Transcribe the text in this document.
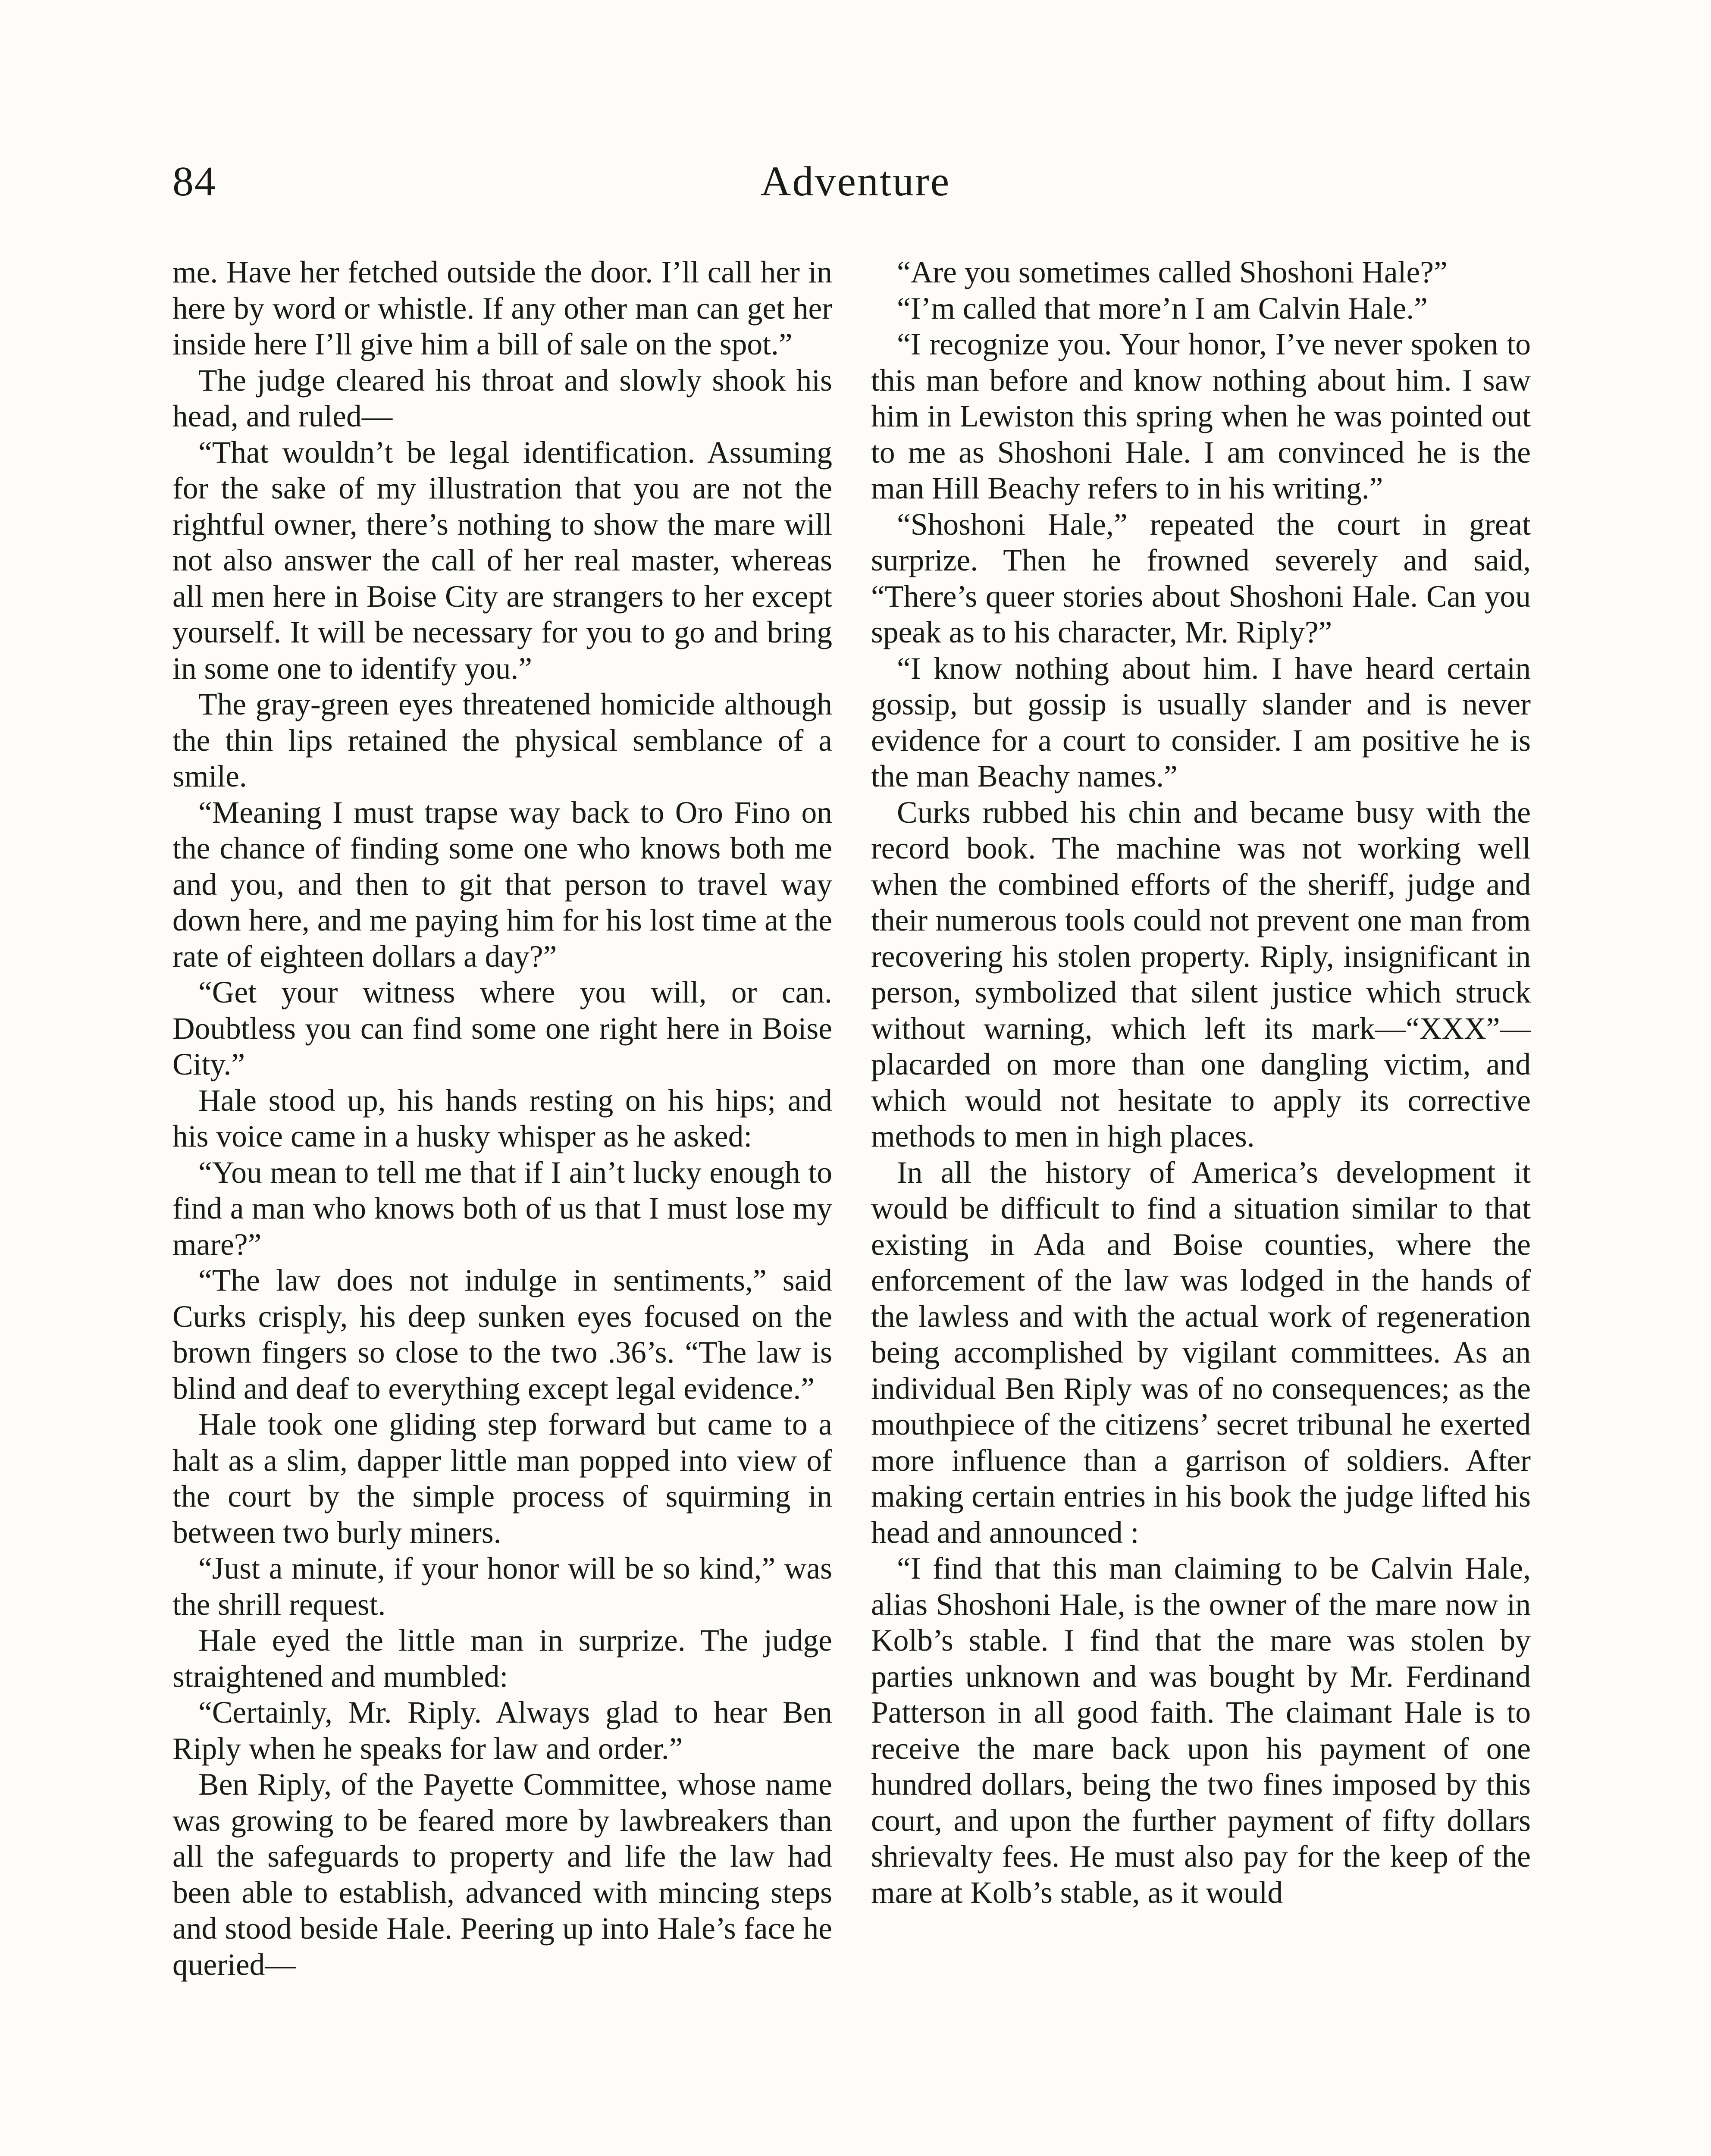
84	Adventure

me. Have her fetched outside the door. I’ll call her in here by word or whistle. If any other man can get her inside here I’ll give him a bill of sale on the spot.”

The judge cleared his throat and slowly shook his head, and ruled—

“That wouldn’t be legal identification. Assuming for the sake of my illustration that you are not the rightful owner, there’s nothing to show the mare will not also answer the call of her real master, whereas all men here in Boise City are strangers to her except yourself. It will be necessary for you to go and bring in some one to identify you.”

The gray-green eyes threatened homicide although the thin lips retained the physical semblance of a smile.

“Meaning I must trapse way back to Oro Fino on the chance of finding some one who knows both me and you, and then to git that person to travel way down here, and me paying him for his lost time at the rate of eighteen dollars a day?”

“Get your witness where you will, or can. Doubtless you can find some one right here in Boise City.”

Hale stood up, his hands resting on his hips; and his voice came in a husky whisper as he asked:

“You mean to tell me that if I ain’t lucky enough to find a man who knows both of us that I must lose my mare?”

“The law does not indulge in sentiments,” said Curks crisply, his deep sunken eyes focused on the brown fingers so close to the two .36’s. “The law is blind and deaf to everything except legal evidence.”

Hale took one gliding step forward but came to a halt as a slim, dapper little man popped into view of the court by the simple process of squirming in between two burly miners.

“Just a minute, if your honor will be so kind,” was the shrill request.

Hale eyed the little man in surprize. The judge straightened and mumbled:

“Certainly, Mr. Riply. Always glad to hear Ben Riply when he speaks for law and order.”

Ben Riply, of the Payette Committee, whose name was growing to be feared more by lawbreakers than all the safeguards to property and life the law had been able to establish, advanced with mincing steps and stood beside Hale. Peering up into Hale’s face he queried—

“Are you sometimes called Shoshoni Hale?”

“I’m called that more’n I am Calvin Hale.”

“I recognize you. Your honor, I’ve never spoken to this man before and know nothing about him. I saw him in Lewiston this spring when he was pointed out to me as Shoshoni Hale. I am convinced he is the man Hill Beachy refers to in his writing.”

“Shoshoni Hale,” repeated the court in great surprize. Then he frowned severely and said, “There’s queer stories about Shoshoni Hale. Can you speak as to his character, Mr. Riply?”

“I know nothing about him. I have heard certain gossip, but gossip is usually slander and is never evidence for a court to consider. I am positive he is the man Beachy names.”

Curks rubbed his chin and became busy with the record book. The machine was not working well when the combined efforts of the sheriff, judge and their numerous tools could not prevent one man from recovering his stolen property. Riply, insignificant in person, symbolized that silent justice which struck without warning, which left its mark—“XXX”—placarded on more than one dangling victim, and which would not hesitate to apply its corrective methods to men in high places.

In all the history of America’s development it would be difficult to find a situation similar to that existing in Ada and Boise counties, where the enforcement of the law was lodged in the hands of the lawless and with the actual work of regeneration being accomplished by vigilant committees. As an individual Ben Riply was of no consequences; as the mouthpiece of the citizens’ secret tribunal he exerted more influence than a garrison of soldiers. After making certain entries in his book the judge lifted his head and announced :

“I find that this man claiming to be Calvin Hale, alias Shoshoni Hale, is the owner of the mare now in Kolb’s stable. I find that the mare was stolen by parties unknown and was bought by Mr. Ferdinand Patterson in all good faith. The claimant Hale is to receive the mare back upon his payment of one hundred dollars, being the two fines imposed by this court, and upon the further payment of fifty dollars shrievalty fees. He must also pay for the keep of the mare at Kolb’s stable, as it would
